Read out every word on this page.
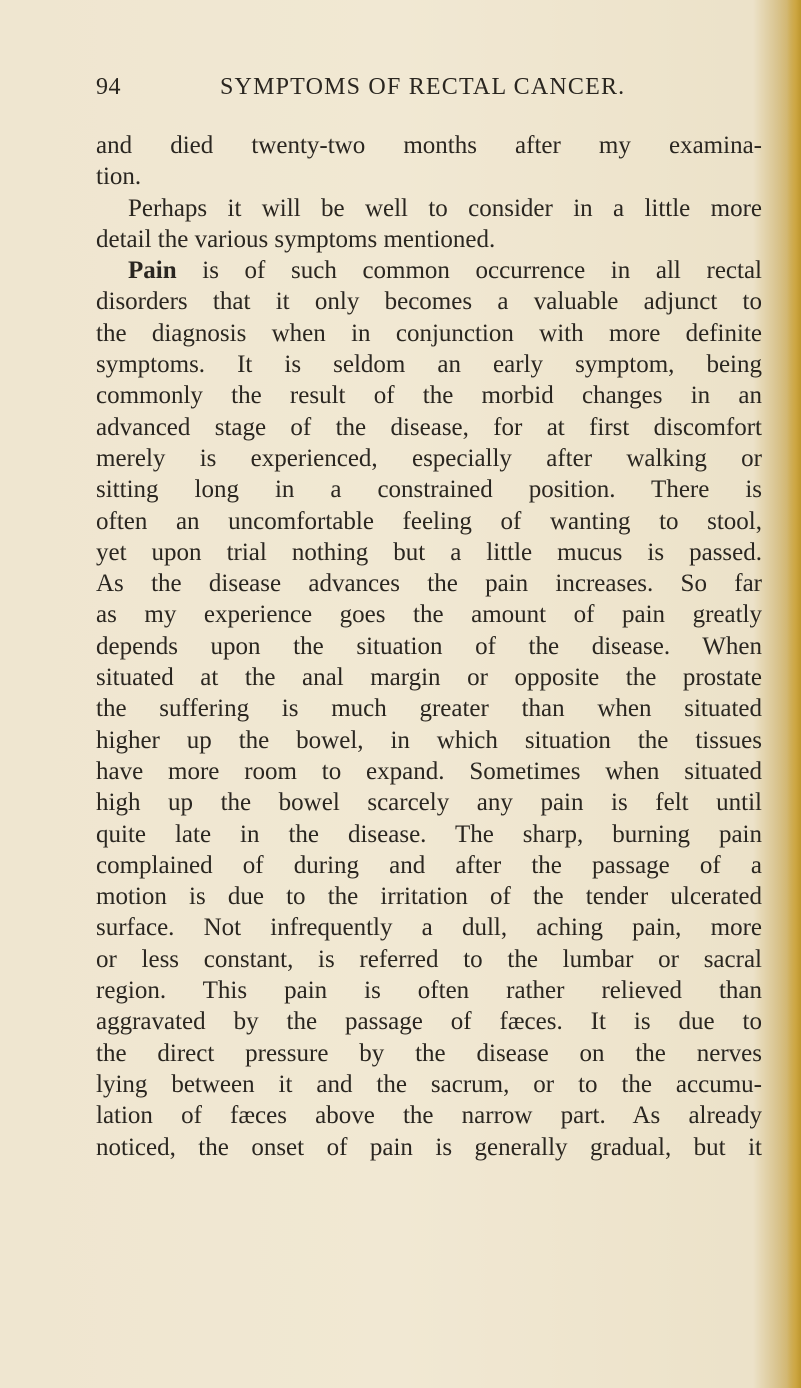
94	SYMPTOMS OF RECTAL CANCER.
and died twenty-two months after my examina-
tion.
Perhaps it will be well to consider in a little more
detail the various symptoms mentioned.
Pain is of such common occurrence in all rectal
disorders that it only becomes a valuable adjunct to
the diagnosis when in conjunction with more definite
symptoms. It is seldom an early symptom, being
commonly the result of the morbid changes in an
advanced stage of the disease, for at first discomfort
merely is experienced, especially after walking or
sitting long in a constrained position. There is
often an uncomfortable feeling of wanting to stool,
yet upon trial nothing but a little mucus is passed.
As the disease advances the pain increases. So far
as my experience goes the amount of pain greatly
depends upon the situation of the disease. When
situated at the anal margin or opposite the prostate
the suffering is much greater than when situated
higher up the bowel, in which situation the tissues
have more room to expand. Sometimes when situated
high up the bowel scarcely any pain is felt until
quite late in the disease. The sharp, burning pain
complained of during and after the passage of a
motion is due to the irritation of the tender ulcerated
surface. Not infrequently a dull, aching pain, more
or less constant, is referred to the lumbar or sacral
region. This pain is often rather relieved than
aggravated by the passage of fæces. It is due to
the direct pressure by the disease on the nerves
lying between it and the sacrum, or to the accumu-
lation of fæces above the narrow part. As already
noticed, the onset of pain is generally gradual, but it
